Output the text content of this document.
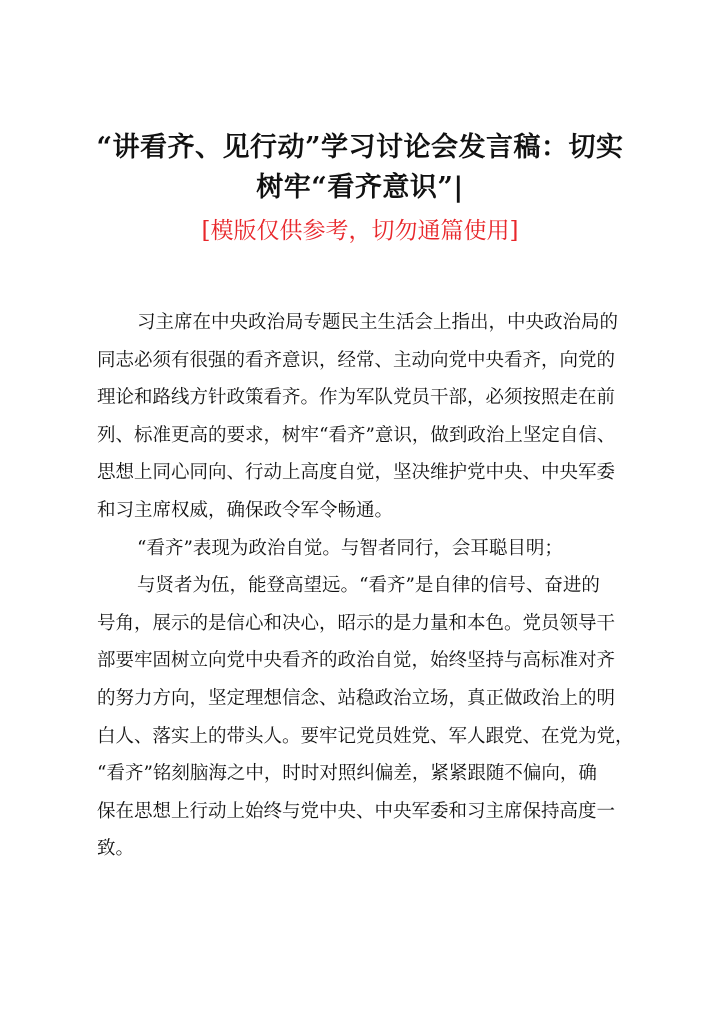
“讲看齐、见行动”学习讨论会发言稿：切实
树牢“看齐意识”|
[模版仅供参考，切勿通篇使用]
习主席在中央政治局专题民主生活会上指出，中央政治局的
同志必须有很强的看齐意识，经常、主动向党中央看齐，向党的
理论和路线方针政策看齐。作为军队党员干部，必须按照走在前
列、标准更高的要求，树牢“看齐”意识，做到政治上坚定自信、
思想上同心同向、行动上高度自觉，坚决维护党中央、中央军委
和习主席权威，确保政令军令畅通。
“看齐”表现为政治自觉。与智者同行，会耳聪目明；
与贤者为伍，能登高望远。“看齐”是自律的信号、奋进的
号角，展示的是信心和决心，昭示的是力量和本色。党员领导干
部要牢固树立向党中央看齐的政治自觉，始终坚持与高标准对齐
的努力方向，坚定理想信念、站稳政治立场，真正做政治上的明
白人、落实上的带头人。要牢记党员姓党、军人跟党、在党为党，
“看齐”铭刻脑海之中，时时对照纠偏差，紧紧跟随不偏向，确
保在思想上行动上始终与党中央、中央军委和习主席保持高度一
致。
